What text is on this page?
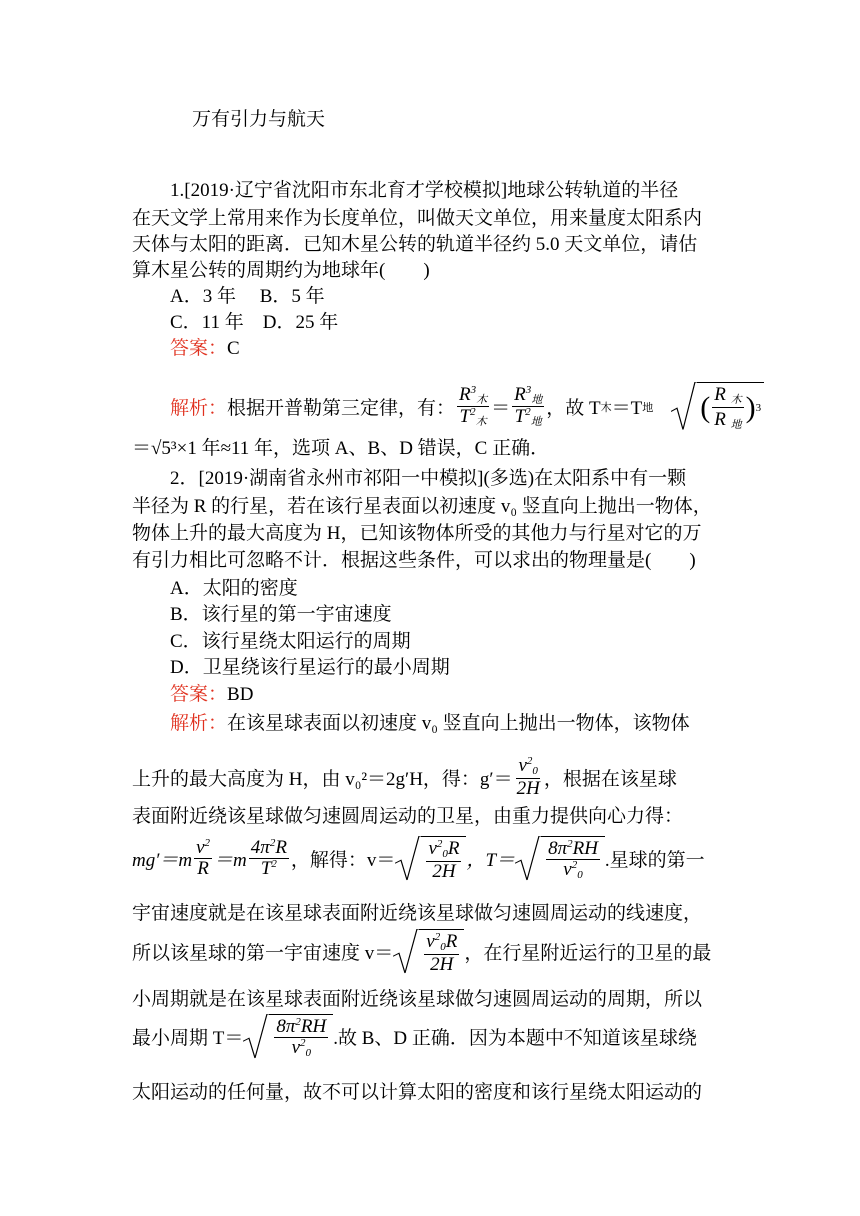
万有引力与航天
1.[2019·辽宁省沈阳市东北育才学校模拟]地球公转轨道的半径
在天文学上常用来作为长度单位，叫做天文单位，用来量度太阳系内
天体与太阳的距离．已知木星公转的轨道半径约 5.0 天文单位，请估
算木星公转的周期约为地球年(　　)
A．3 年　 B．5 年
C．11 年　D．25 年
答案：C
解析： 根据开普勒第三定律，有： $\frac{R^3_木}{T^2_木} = \frac{R^3_地}{T^2_地}$ ，故 T 木 ＝T 地 ( $\frac{R _木}{R _地}$ ) 3
＝√5³×1 年≈11 年，选项 A、B、D 错误，C 正确．
2．[2019·湖南省永州市祁阳一中模拟](多选)在太阳系中有一颗
半径为 R 的行星，若在该行星表面以初速度 v₀ 竖直向上抛出一物体，
物体上升的最大高度为 H，已知该物体所受的其他力与行星对它的万
有引力相比可忽略不计．根据这些条件，可以求出的物理量是(　　)
A．太阳的密度
B．该行星的第一宇宙速度
C．该行星绕太阳运行的周期
D．卫星绕该行星运行的最小周期
答案：BD
解析：在该星球表面以初速度 v₀ 竖直向上抛出一物体，该物体
上升的最大高度为 H，由 v₀²＝2g′H，得：$g'= \frac{v^2_0}{2H}$ ，根据在该星球
表面附近绕该星球做匀速圆周运动的卫星，由重力提供向心力得：
$mg'=m \frac{v^2}{R} =m \frac{4\pi^2R}{T^2}$ ，解得：$v= \frac{v^2_0R}{2H}$ ，$T= \frac{8\pi^2RH}{v^2_0}$ .星球的第一
宇宙速度就是在该星球表面附近绕该星球做匀速圆周运动的线速度，
所以该星球的第一宇宙速度 $v= \frac{v^2_0R}{2H}$ ，在行星附近运行的卫星的最
小周期就是在该星球表面附近绕该星球做匀速圆周运动的周期，所以
最小周期 $T= \frac{8\pi^2RH}{v^2_0}$ .故 B、D 正确．因为本题中不知道该星球绕
太阳运动的任何量，故不可以计算太阳的密度和该行星绕太阳运动的
